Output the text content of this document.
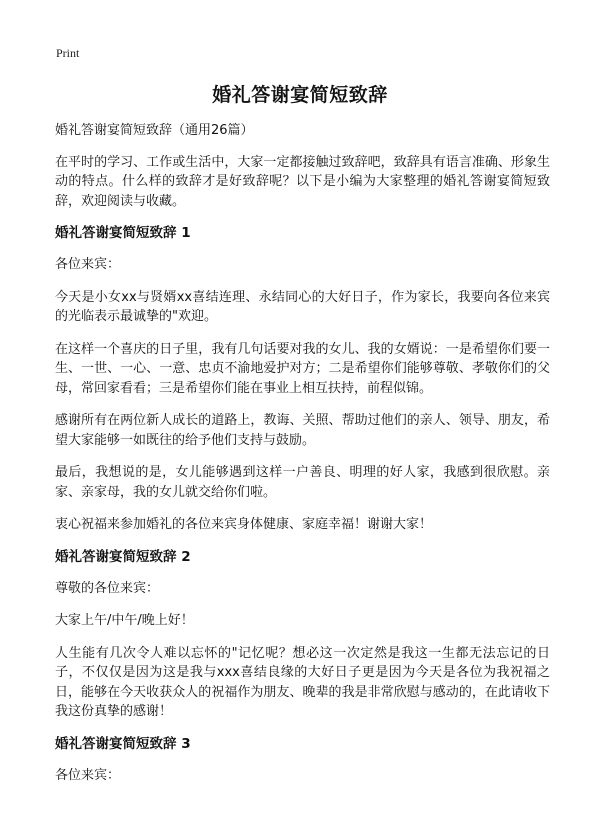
Print
婚礼答谢宴简短致辞

婚礼答谢宴简短致辞（通用26篇）

在平时的学习、工作或生活中，大家一定都接触过致辞吧，致辞具有语言准确、形象生动的特点。什么样的致辞才是好致辞呢？以下是小编为大家整理的婚礼答谢宴简短致辞，欢迎阅读与收藏。

婚礼答谢宴简短致辞 1

各位来宾：

今天是小女xx与贤婿xx喜结连理、永结同心的大好日子，作为家长，我要向各位来宾的光临表示最诚挚的"欢迎。

在这样一个喜庆的日子里，我有几句话要对我的女儿、我的女婿说：一是希望你们要一生、一世、一心、一意、忠贞不渝地爱护对方；二是希望你们能够尊敬、孝敬你们的父母，常回家看看；三是希望你们能在事业上相互扶持，前程似锦。

感谢所有在两位新人成长的道路上，教诲、关照、帮助过他们的亲人、领导、朋友，希望大家能够一如既往的给予他们支持与鼓励。

最后，我想说的是，女儿能够遇到这样一户善良、明理的好人家，我感到很欣慰。亲家、亲家母，我的女儿就交给你们啦。

衷心祝福来参加婚礼的各位来宾身体健康、家庭幸福！谢谢大家！

婚礼答谢宴简短致辞 2

尊敬的各位来宾：

大家上午/中午/晚上好！

人生能有几次令人难以忘怀的"记忆呢？想必这一次定然是我这一生都无法忘记的日子，不仅仅是因为这是我与xxx喜结良缘的大好日子更是因为今天是各位为我祝福之日，能够在今天收获众人的祝福作为朋友、晚辈的我是非常欣慰与感动的，在此请收下我这份真挚的感谢！

婚礼答谢宴简短致辞 3

各位来宾：
